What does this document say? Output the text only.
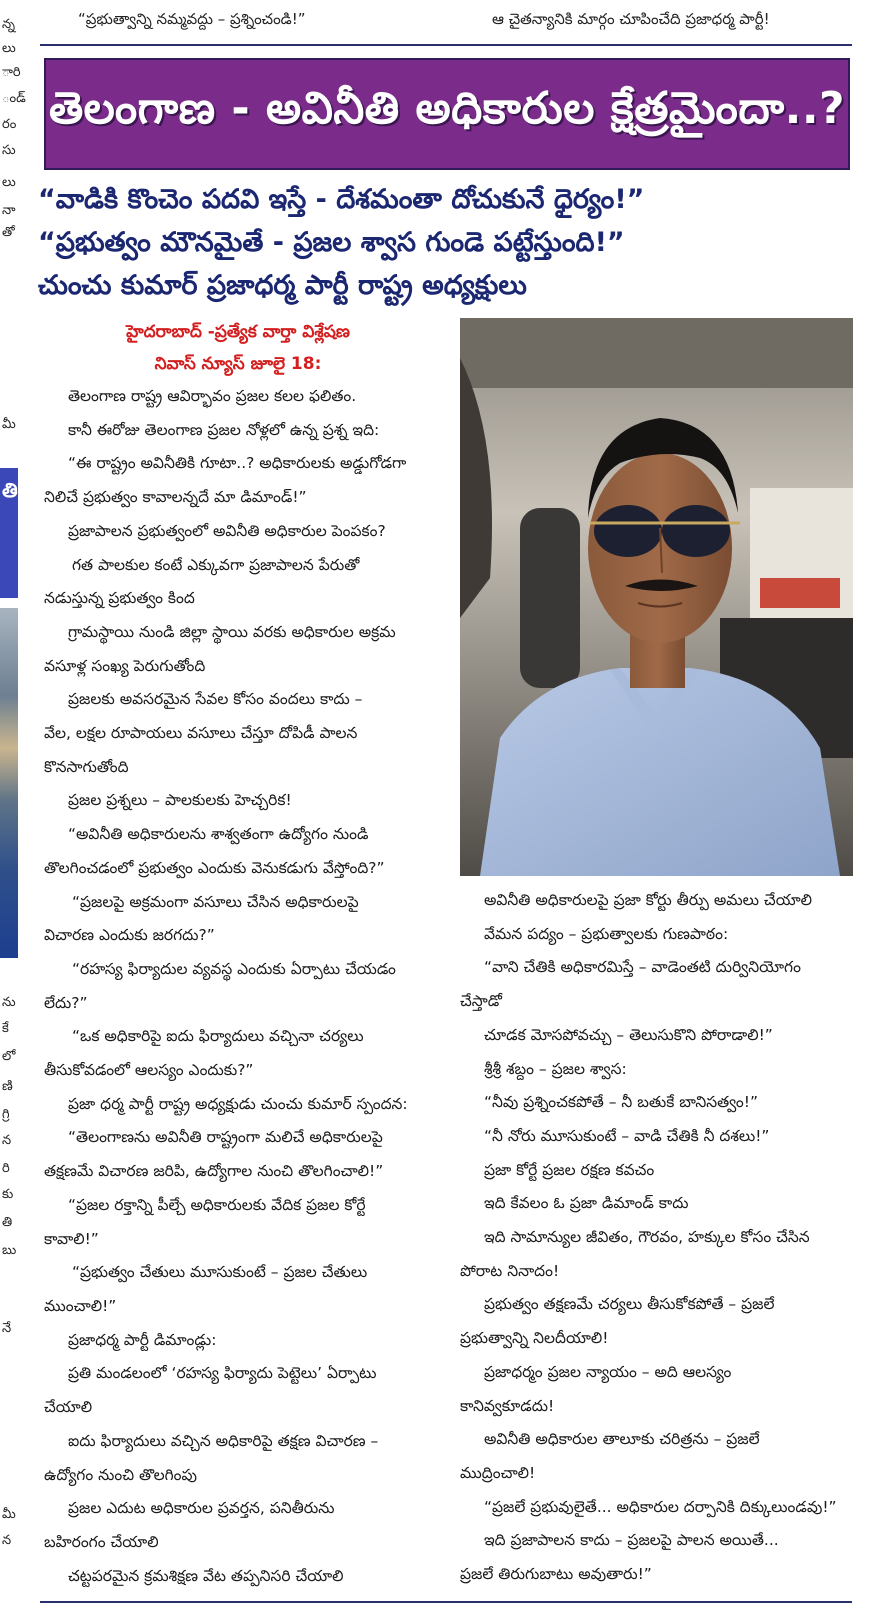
న్న
లు
ారి
ండ్
రం
సు
లు
నా
తో
మీ
తి
ను
కే
లో
ణి
గ్రి
న
రి
కు
తి
బు
నే
మీ
న
“ప్రభుత్వాన్ని నమ్మవద్దు – ప్రశ్నించండి!”	ఆ చైతన్యానికి మార్గం చూపించేది ప్రజాధర్మ పార్టీ!
తెలంగాణ - అవినీతి అధికారుల క్షేత్రమైందా..?
“వాడికి కొంచెం పదవి ఇస్తే - దేశమంతా దోచుకునే ధైర్యం!”
“ప్రభుత్వం మౌనమైతే - ప్రజల శ్వాస గుండె పట్టేస్తుంది!”
చుంచు కుమార్ ప్రజాధర్మ పార్టీ రాష్ట్ర అధ్యక్షులు
హైదరాబాద్ -ప్రత్యేక వార్తా విశ్లేషణ
నివాస్ న్యూస్ జూలై 18:
తెలంగాణ రాష్ట్ర ఆవిర్భావం ప్రజల కలల ఫలితం.
కానీ ఈరోజు తెలంగాణ ప్రజల నోళ్లలో ఉన్న ప్రశ్న ఇది:
“ఈ రాష్ట్రం అవినీతికి గూటా..? అధికారులకు అడ్డుగోడగా
నిలిచే ప్రభుత్వం కావాలన్నదే మా డిమాండ్!”
ప్రజాపాలన ప్రభుత్వంలో అవినీతి అధికారుల పెంపకం?
గత పాలకుల కంటే ఎక్కువగా ప్రజాపాలన పేరుతో
నడుస్తున్న ప్రభుత్వం కింద
గ్రామస్థాయి నుండి జిల్లా స్థాయి వరకు అధికారుల అక్రమ
వసూళ్ల సంఖ్య పెరుగుతోంది
ప్రజలకు అవసరమైన సేవల కోసం వందలు కాదు –
వేల, లక్షల రూపాయలు వసూలు చేస్తూ దోపిడీ పాలన
కొనసాగుతోంది
ప్రజల ప్రశ్నలు – పాలకులకు హెచ్చరిక!
“అవినీతి అధికారులను శాశ్వతంగా ఉద్యోగం నుండి
తొలగించడంలో ప్రభుత్వం ఎందుకు వెనుకడుగు వేస్తోంది?”
“ప్రజలపై అక్రమంగా వసూలు చేసిన అధికారులపై
విచారణ ఎందుకు జరగదు?”
“రహస్య ఫిర్యాదుల వ్యవస్థ ఎందుకు ఏర్పాటు చేయడం
లేదు?”
“ఒక అధికారిపై ఐదు ఫిర్యాదులు వచ్చినా చర్యలు
తీసుకోవడంలో ఆలస్యం ఎందుకు?”
ప్రజా ధర్మ పార్టీ రాష్ట్ర అధ్యక్షుడు చుంచు కుమార్ స్పందన:
“తెలంగాణను అవినీతి రాష్ట్రంగా మలిచే అధికారులపై
తక్షణమే విచారణ జరిపి, ఉద్యోగాల నుంచి తొలగించాలి!”
“ప్రజల రక్తాన్ని పీల్చే అధికారులకు వేదిక ప్రజల కోర్టే
కావాలి!”
“ప్రభుత్వం చేతులు మూసుకుంటే – ప్రజల చేతులు
ముంచాలి!”
ప్రజాధర్మ పార్టీ డిమాండ్లు:
ప్రతి మండలంలో ‘రహస్య ఫిర్యాదు పెట్టెలు’ ఏర్పాటు
చేయాలి
ఐదు ఫిర్యాదులు వచ్చిన అధికారిపై తక్షణ విచారణ –
ఉద్యోగం నుంచి తొలగింపు
ప్రజల ఎదుట అధికారుల ప్రవర్తన, పనితీరును
బహిరంగం చేయాలి
చట్టపరమైన క్రమశిక్షణ వేట తప్పనిసరి చేయాలి
అవినీతి అధికారులపై ప్రజా కోర్టు తీర్పు అమలు చేయాలి
వేమన పద్యం – ప్రభుత్వాలకు గుణపాఠం:
“వాని చేతికి అధికారమిస్తే – వాడెంతటి దుర్వినియోగం
చేస్తాడో
చూడక మోసపోవచ్చు – తెలుసుకొని పోరాడాలి!”
శ్రీశ్రీ శబ్దం – ప్రజల శ్వాస:
“నీవు ప్రశ్నించకపోతే – నీ బతుకే బానిసత్వం!”
“నీ నోరు మూసుకుంటే – వాడి చేతికి నీ దశలు!”
ప్రజా కోర్టే ప్రజల రక్షణ కవచం
ఇది కేవలం ఓ ప్రజా డిమాండ్ కాదు
ఇది సామాన్యుల జీవితం, గౌరవం, హక్కుల కోసం చేసిన
పోరాట నినాదం!
ప్రభుత్వం తక్షణమే చర్యలు తీసుకోకపోతే – ప్రజలే
ప్రభుత్వాన్ని నిలదీయాలి!
ప్రజాధర్మం ప్రజల న్యాయం – అది ఆలస్యం
కానివ్వకూడదు!
అవినీతి అధికారుల తాలూకు చరిత్రను – ప్రజలే
ముద్రించాలి!
“ప్రజలే ప్రభువులైతే... అధికారుల దర్పానికి దిక్కులుండవు!”
ఇది ప్రజాపాలన కాదు – ప్రజలపై పాలన అయితే...
ప్రజలే తిరుగుబాటు అవుతారు!”
